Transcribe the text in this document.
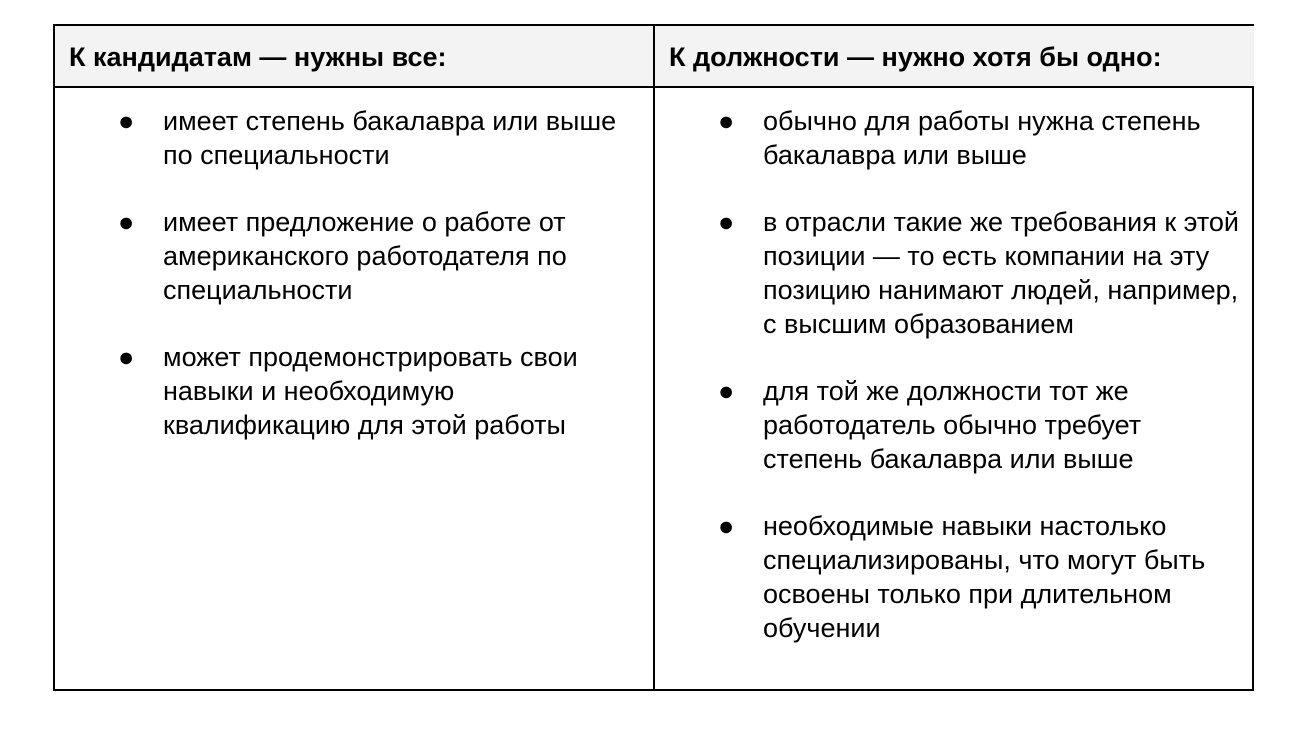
К кандидатам — нужны все:	К должности — нужно хотя бы одно:
● имеет степень бакалавра или выше по специальности
● имеет предложение о работе от американского работодателя по специальности
● может продемонстрировать свои навыки и необходимую квалификацию для этой работы
● обычно для работы нужна степень бакалавра или выше
● в отрасли такие же требования к этой позиции — то есть компании на эту позицию нанимают людей, например, с высшим образованием
● для той же должности тот же работодатель обычно требует степень бакалавра или выше
● необходимые навыки настолько специализированы, что могут быть освоены только при длительном обучении
